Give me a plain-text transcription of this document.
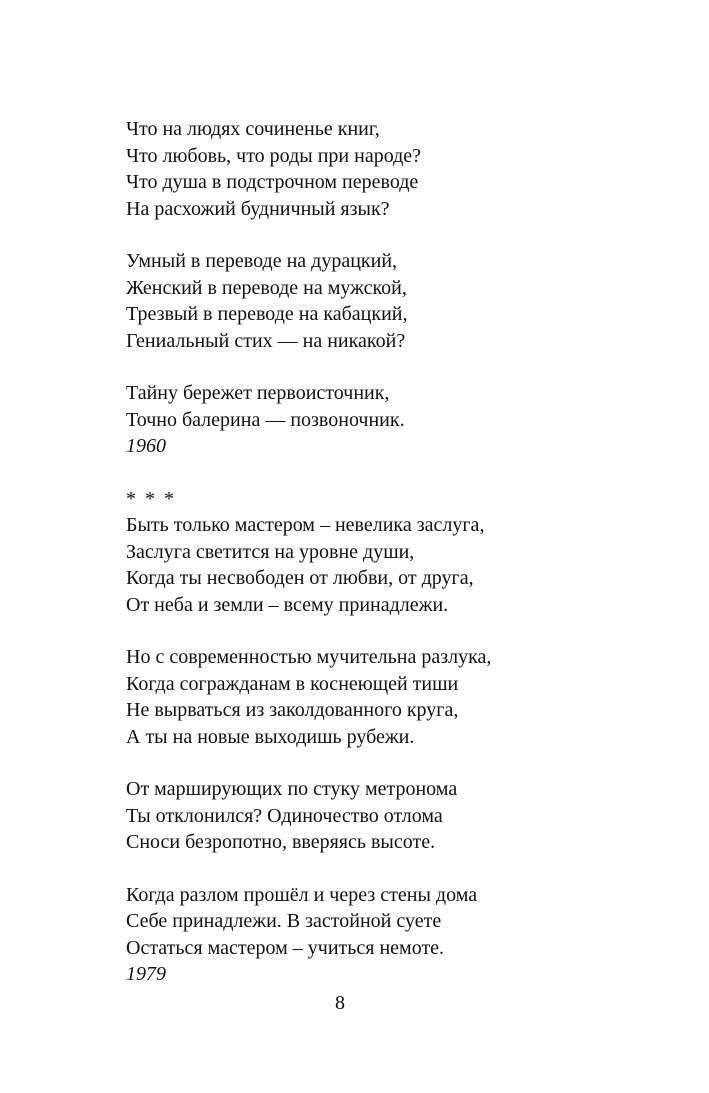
Что на людях сочиненье книг,
Что любовь, что роды при народе?
Что душа в подстрочном переводе
На расхожий будничный язык?
Умный в переводе на дурацкий,
Женский в переводе на мужской,
Трезвый в переводе на кабацкий,
Гениальный стих — на никакой?
Тайну бережет первоисточник,
Точно балерина — позвоночник.
1960
* * *
Быть только мастером – невелика заслуга,
Заслуга светится на уровне души,
Когда ты несвободен от любви, от друга,
От неба и земли – всему принадлежи.
Но с современностью мучительна разлука,
Когда согражданам в коснеющей тиши
Не вырваться из заколдованного круга,
А ты на новые выходишь рубежи.
От марширующих по стуку метронома
Ты отклонился? Одиночество отлома
Сноси безропотно, вверяясь высоте.
Когда разлом прошёл и через стены дома
Себе принадлежи. В застойной суете
Остаться мастером – учиться немоте.
1979
8
